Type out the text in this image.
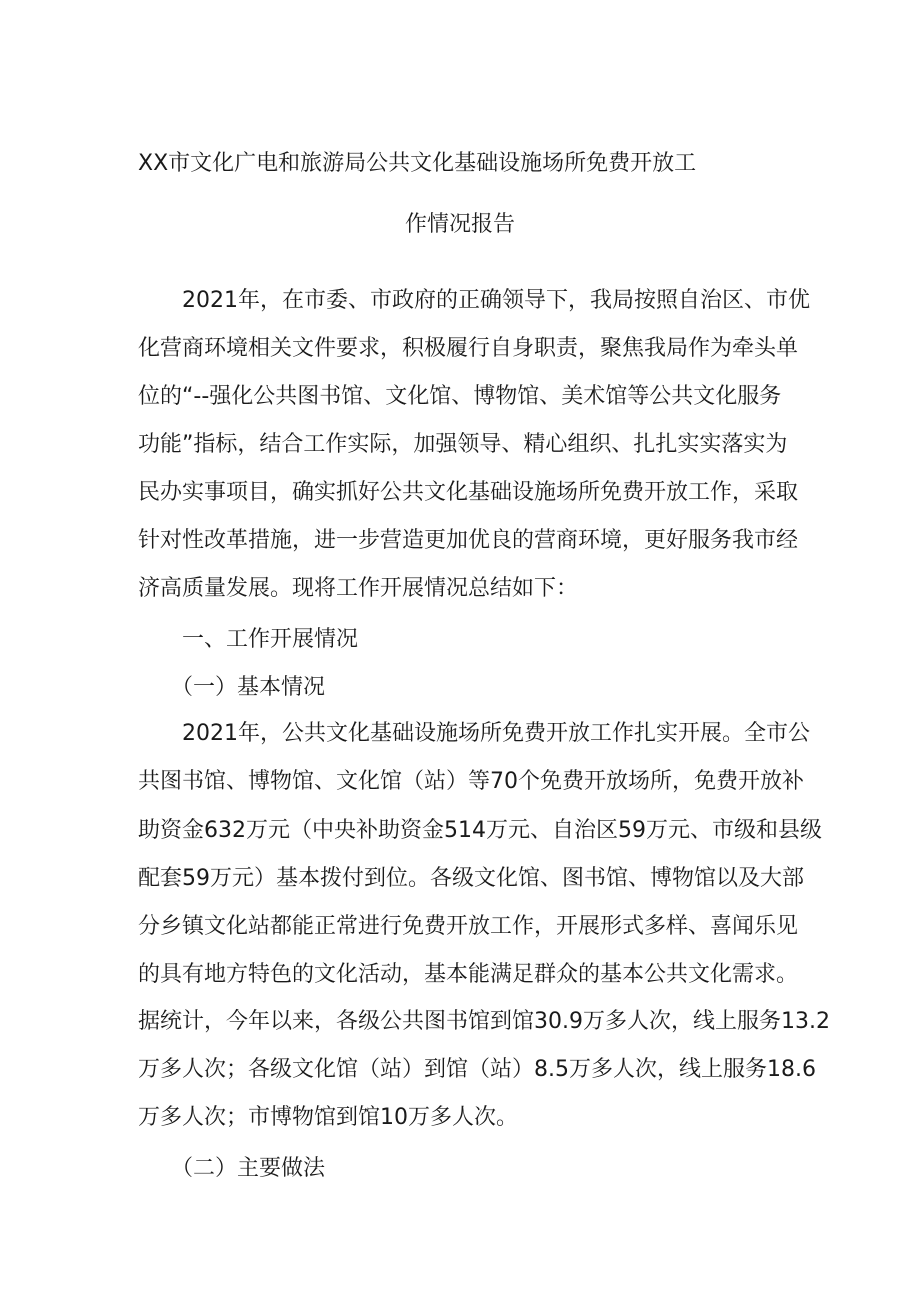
XX市文化广电和旅游局公共文化基础设施场所免费开放工
作情况报告
　　2021年，在市委、市政府的正确领导下，我局按照自治区、市优
化营商环境相关文件要求，积极履行自身职责，聚焦我局作为牵头单
位的“--强化公共图书馆、文化馆、博物馆、美术馆等公共文化服务
功能”指标，结合工作实际，加强领导、精心组织、扎扎实实落实为
民办实事项目，确实抓好公共文化基础设施场所免费开放工作，采取
针对性改革措施，进一步营造更加优良的营商环境，更好服务我市经
济高质量发展。现将工作开展情况总结如下：
　　一、工作开展情况
　　（一）基本情况
　　2021年，公共文化基础设施场所免费开放工作扎实开展。全市公
共图书馆、博物馆、文化馆（站）等70个免费开放场所，免费开放补
助资金632万元（中央补助资金514万元、自治区59万元、市级和县级
配套59万元）基本拨付到位。各级文化馆、图书馆、博物馆以及大部
分乡镇文化站都能正常进行免费开放工作，开展形式多样、喜闻乐见
的具有地方特色的文化活动，基本能满足群众的基本公共文化需求。
据统计，今年以来，各级公共图书馆到馆30.9万多人次，线上服务13.2
万多人次；各级文化馆（站）到馆（站）8.5万多人次，线上服务18.6
万多人次；市博物馆到馆10万多人次。
　　（二）主要做法
